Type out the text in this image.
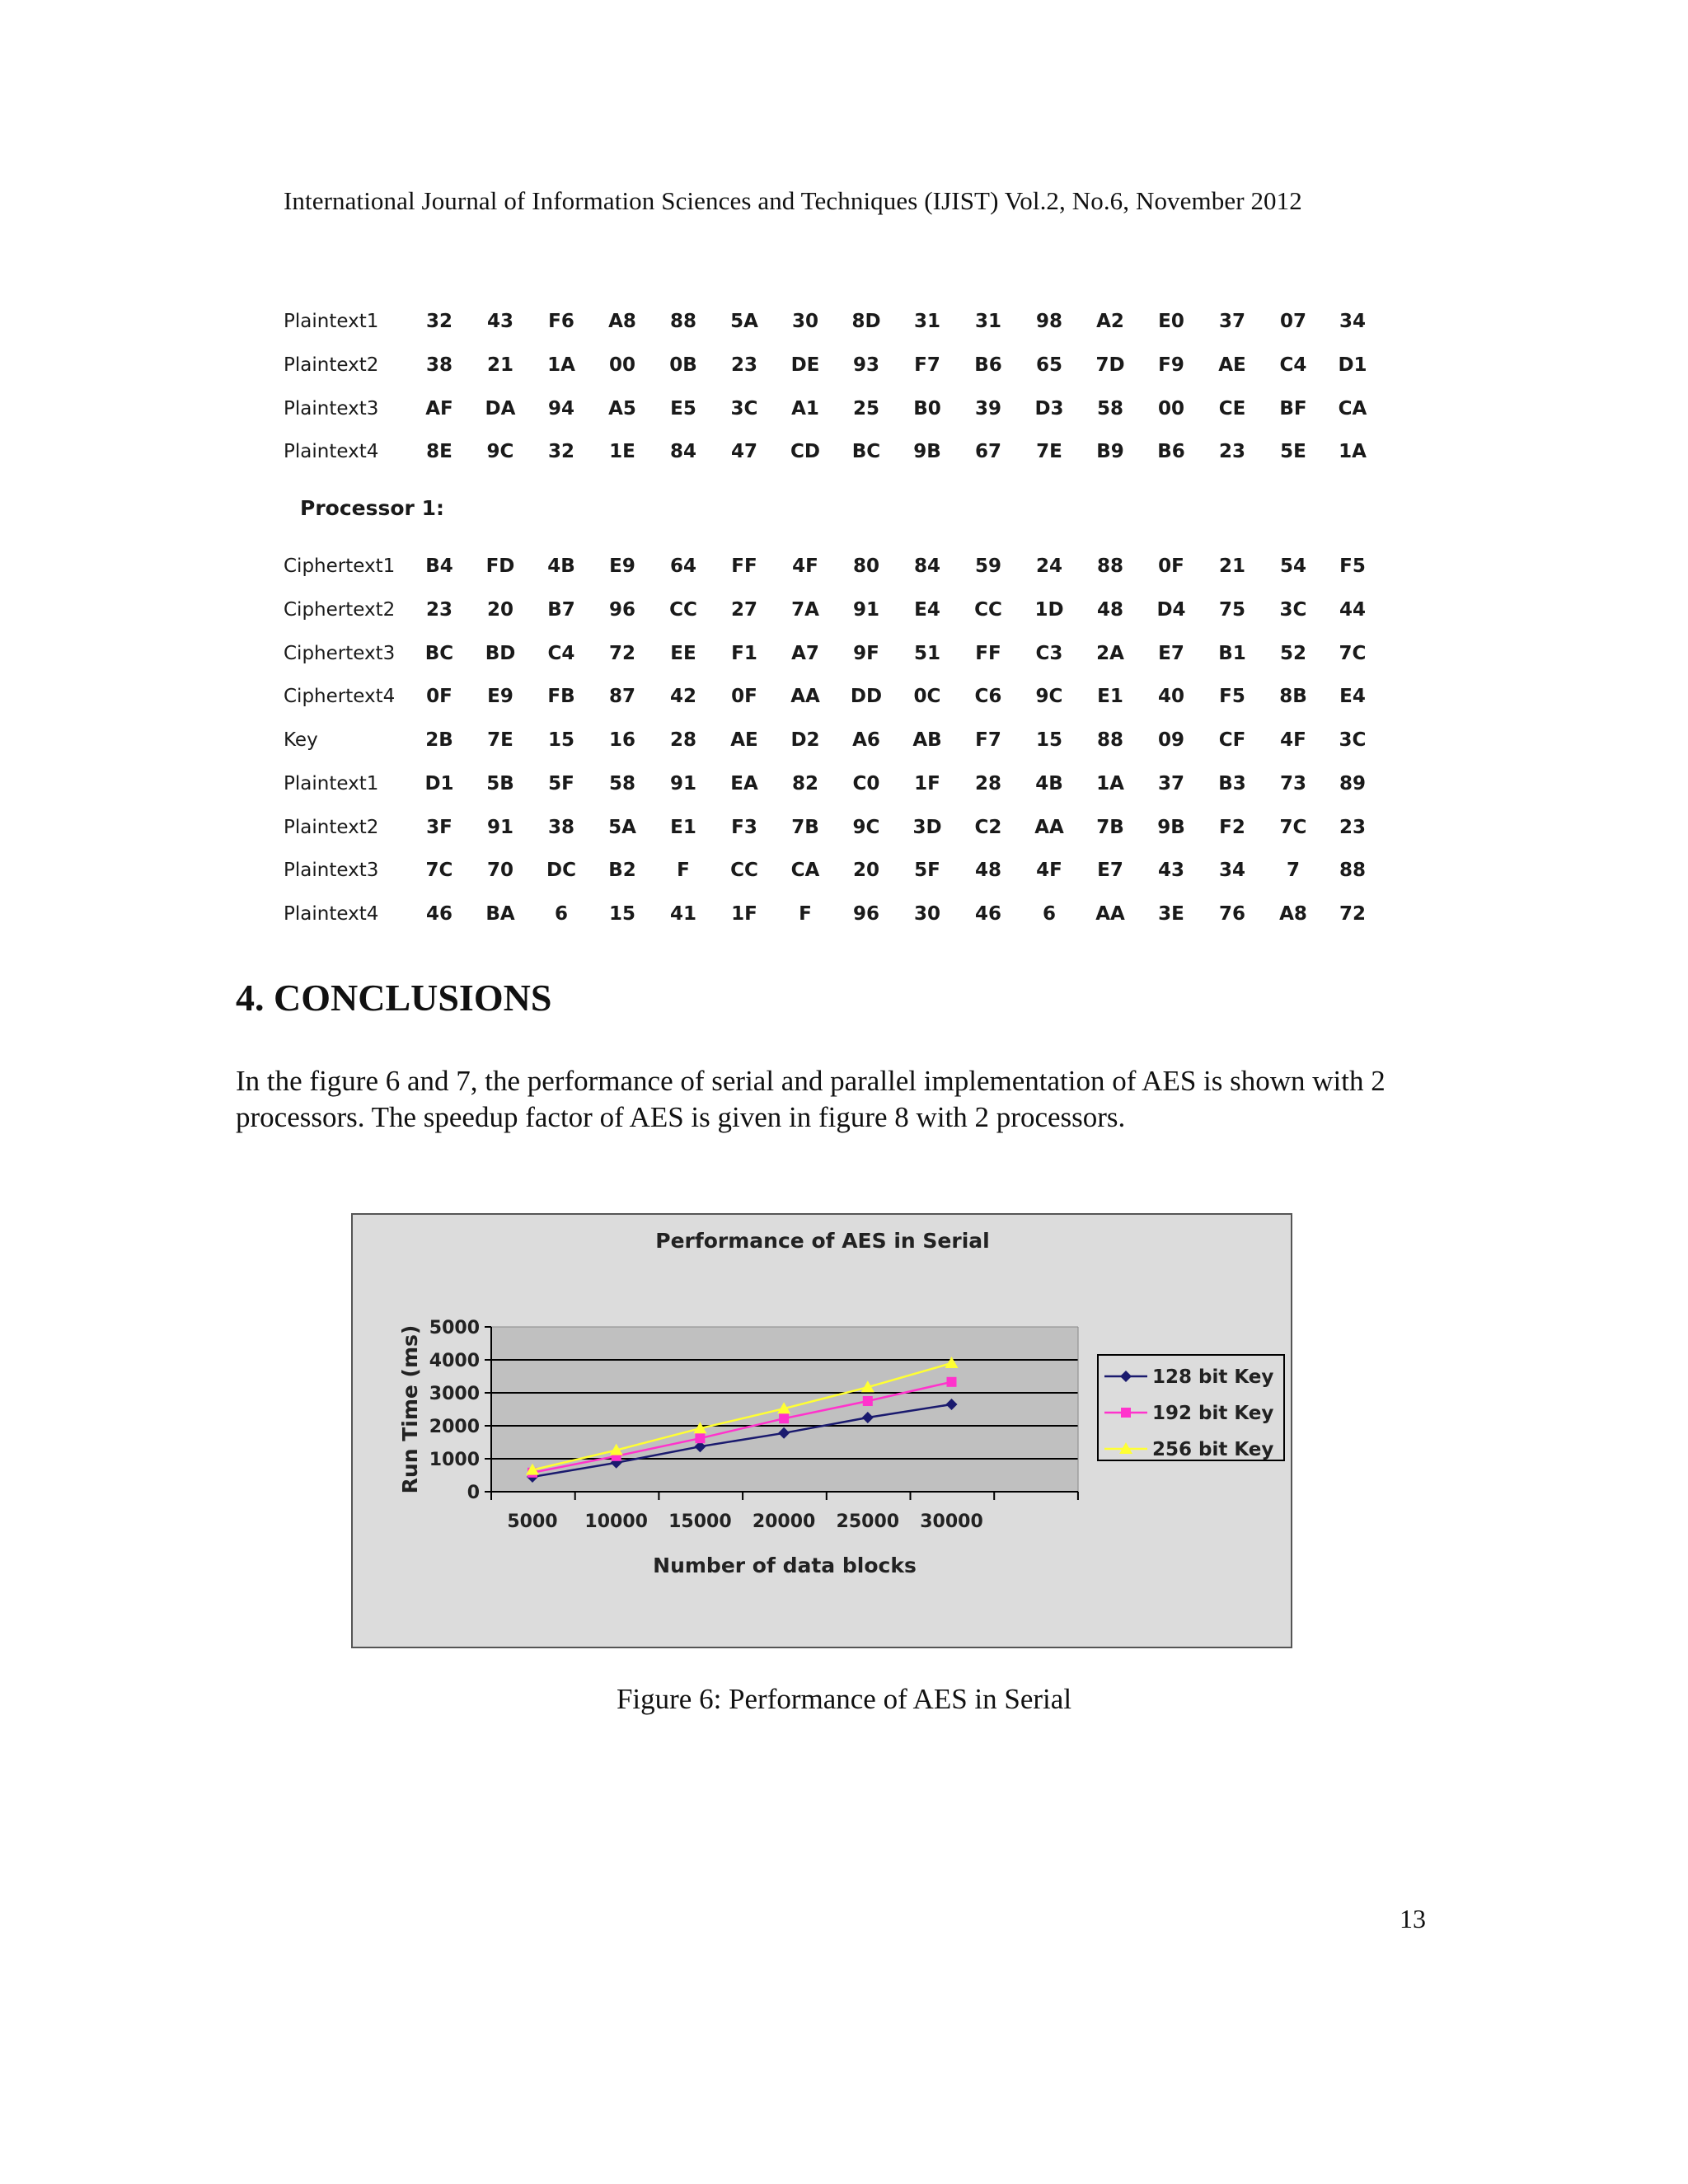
International Journal of Information Sciences and Techniques (IJIST) Vol.2, No.6, November 2012
Plaintext1	32	43	F6	A8	88	5A	30	8D	31	31	98	A2	E0	37	07	34
Plaintext2	38	21	1A	00	0B	23	DE	93	F7	B6	65	7D	F9	AE	C4	D1
Plaintext3	AF	DA	94	A5	E5	3C	A1	25	B0	39	D3	58	00	CE	BF	CA
Plaintext4	8E	9C	32	1E	84	47	CD	BC	9B	67	7E	B9	B6	23	5E	1A
Processor 1:
Ciphertext1	B4	FD	4B	E9	64	FF	4F	80	84	59	24	88	0F	21	54	F5
Ciphertext2	23	20	B7	96	CC	27	7A	91	E4	CC	1D	48	D4	75	3C	44
Ciphertext3	BC	BD	C4	72	EE	F1	A7	9F	51	FF	C3	2A	E7	B1	52	7C
Ciphertext4	0F	E9	FB	87	42	0F	AA	DD	0C	C6	9C	E1	40	F5	8B	E4
Key	2B	7E	15	16	28	AE	D2	A6	AB	F7	15	88	09	CF	4F	3C
Plaintext1	D1	5B	5F	58	91	EA	82	C0	1F	28	4B	1A	37	B3	73	89
Plaintext2	3F	91	38	5A	E1	F3	7B	9C	3D	C2	AA	7B	9B	F2	7C	23
Plaintext3	7C	70	DC	B2	F	CC	CA	20	5F	48	4F	E7	43	34	7	88
Plaintext4	46	BA	6	15	41	1F	F	96	30	46	6	AA	3E	76	A8	72
4. CONCLUSIONS
In the figure 6 and 7, the performance of serial and parallel implementation of AES is shown with 2 processors. The speedup factor of AES is given in figure 8 with 2 processors.
Performance of AES in Serial
0
1000
2000
3000
4000
5000
5000 10000 15000 20000 25000 30000
Number of data blocks
Run Time (ms)	128 bit Key
192 bit Key
256 bit Key
Figure 6: Performance of AES in Serial
13
